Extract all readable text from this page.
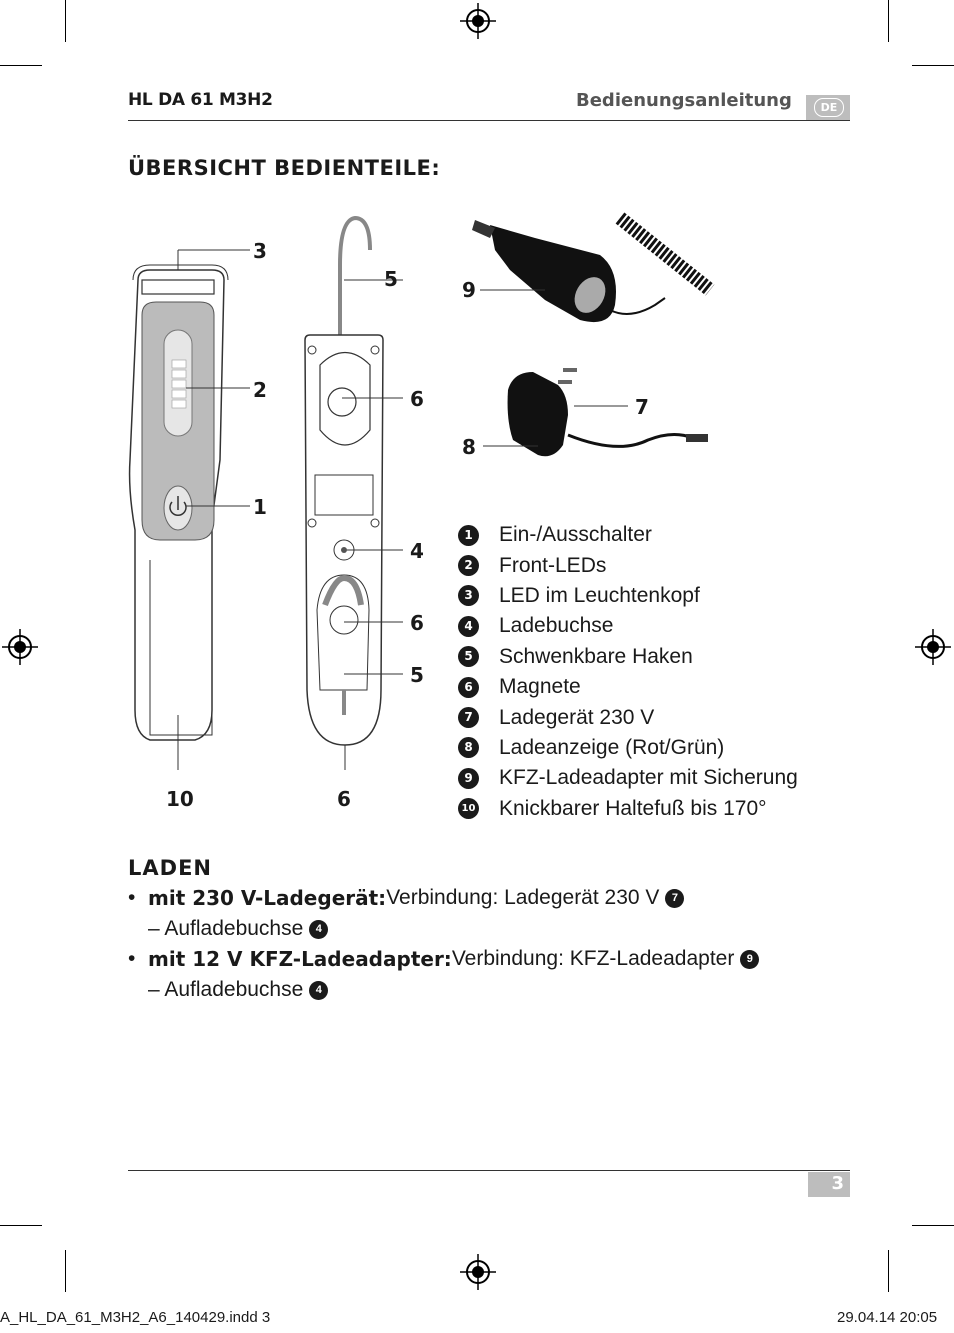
HL DA 61 M3H2	Bedienungsanleitung	DE
ÜBERSICHT BEDIENTEILE:
3
2
1
10
5
6
4
6
5
6
9
7
8
1	Ein-/Ausschalter
2	Front-LEDs
3	LED im Leuchtenkopf
4	Ladebuchse
5	Schwenkbare Haken
6	Magnete
7	Ladegerät 230 V
8	Ladeanzeige (Rot/Grün)
9	KFZ-Ladeadapter mit Sicherung
10 Knickbarer Haltefuß bis 170°
LADEN
• mit 230 V-Ladegerät: Verbindung: Ladegerät 230 V	7
– Aufladebuchse	4
• mit 12 V KFZ-Ladeadapter: Verbindung: KFZ-Ladeadapter	9
– Aufladebuchse	4
3
A_HL_DA_61_M3H2_A6_140429.indd 3	29.04.14 20:05
